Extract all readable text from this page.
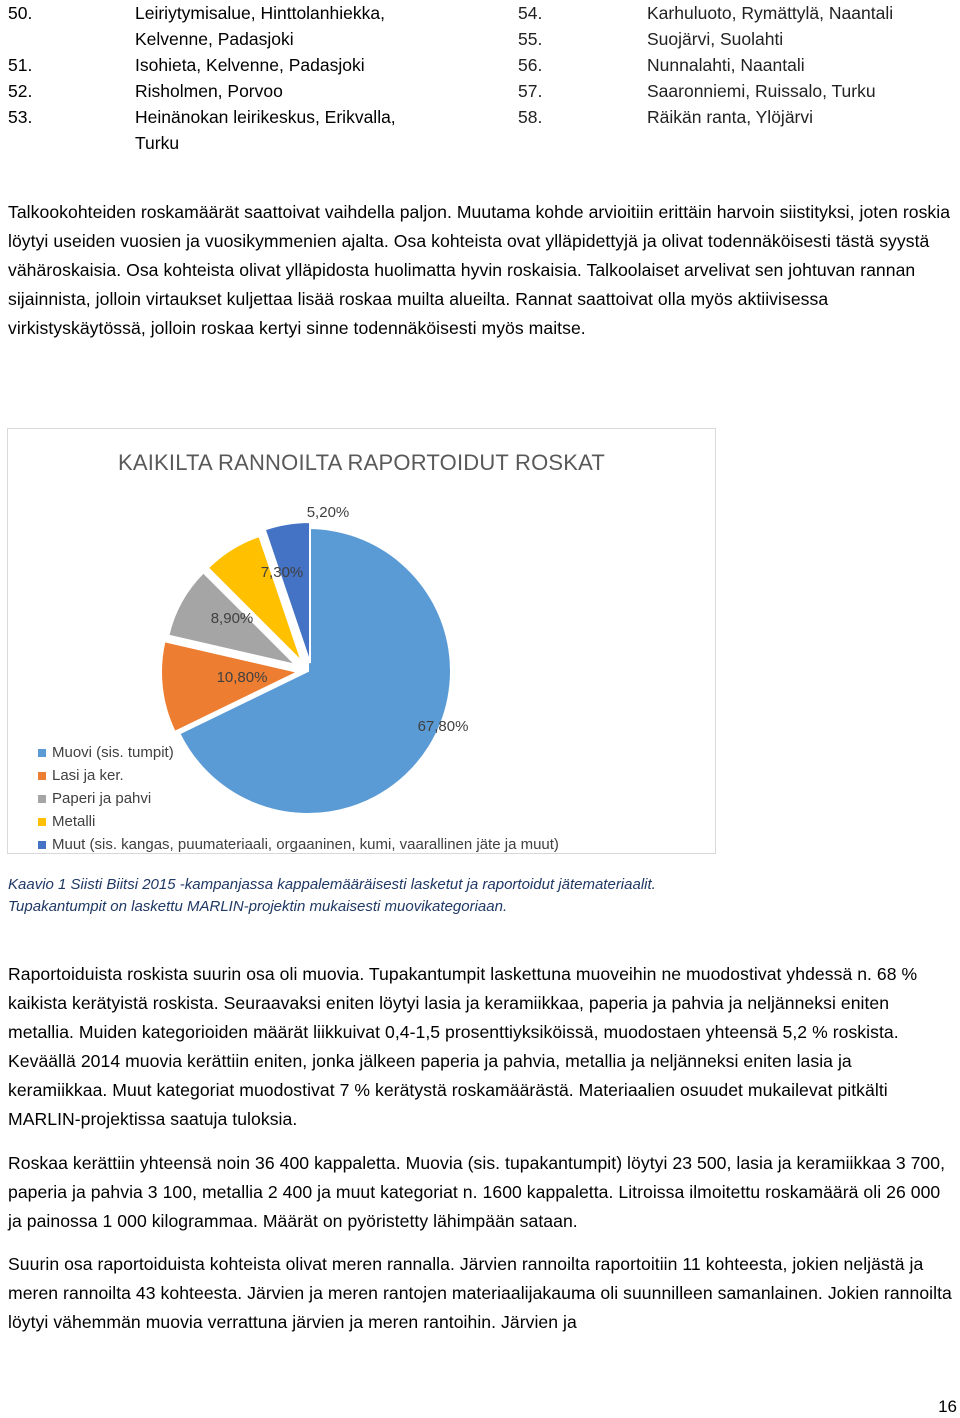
50.	Leiriytymisalue, Hinttolanhiekka, Kelvenne, Padasjoki
51.	Isohieta, Kelvenne, Padasjoki
52.	Risholmen, Porvoo
53.	Heinänokan leirikeskus, Erikvalla, Turku
54.	Karhuluoto, Rymättylä, Naantali
55.	Suojärvi, Suolahti
56.	Nunnalahti, Naantali
57.	Saaronniemi, Ruissalo, Turku
58.	Räikän ranta, Ylöjärvi

Talkookohteiden roskamäärät saattoivat vaihdella paljon. Muutama kohde arvioitiin erittäin harvoin siistityksi, joten roskia löytyi useiden vuosien ja vuosikymmenien ajalta. Osa kohteista ovat ylläpidettyjä ja olivat todennäköisesti tästä syystä vähäroskaisia. Osa kohteista olivat ylläpidosta huolimatta hyvin roskaisia. Talkoolaiset arvelivat sen johtuvan rannan sijainnista, jolloin virtaukset kuljettaa lisää roskaa muilta alueilta. Rannat saattoivat olla myös aktiivisessa virkistyskäytössä, jolloin roskaa kertyi sinne todennäköisesti myös maitse.

KAIKILTA RANNOILTA RAPORTOIDUT ROSKAT
67,80%
10,80%
8,90%
7,30%
5,20%
Muovi (sis. tumpit)
Lasi ja ker.
Paperi ja pahvi
Metalli
Muut (sis. kangas, puumateriaali, orgaaninen, kumi, vaarallinen jäte ja muut)
Kaavio 1 Siisti Biitsi 2015 -kampanjassa kappalemääräisesti lasketut ja raportoidut jätemateriaalit.
Tupakantumpit on laskettu MARLIN-projektin mukaisesti muovikategoriaan.

Raportoiduista roskista suurin osa oli muovia. Tupakantumpit laskettuna muoveihin ne muodostivat yhdessä n. 68 % kaikista kerätyistä roskista. Seuraavaksi eniten löytyi lasia ja keramiikkaa, paperia ja pahvia ja neljänneksi eniten metallia. Muiden kategorioiden määrät liikkuivat 0,4-1,5 prosenttiyksiköissä, muodostaen yhteensä 5,2 % roskista. Keväällä 2014 muovia kerättiin eniten, jonka jälkeen paperia ja pahvia, metallia ja neljänneksi eniten lasia ja keramiikkaa. Muut kategoriat muodostivat 7 % kerätystä roskamäärästä. Materiaalien osuudet mukailevat pitkälti MARLIN-projektissa saatuja tuloksia.

Roskaa kerättiin yhteensä noin 36 400 kappaletta. Muovia (sis. tupakantumpit) löytyi 23 500, lasia ja keramiikkaa 3 700, paperia ja pahvia 3 100, metallia 2 400 ja muut kategoriat n. 1600 kappaletta. Litroissa ilmoitettu roskamäärä oli 26 000 ja painossa 1 000 kilogrammaa. Määrät on pyöristetty lähimpään sataan.

Suurin osa raportoiduista kohteista olivat meren rannalla. Järvien rannoilta raportoitiin 11 kohteesta, jokien neljästä ja meren rannoilta 43 kohteesta. Järvien ja meren rantojen materiaalijakauma oli suunnilleen samanlainen. Jokien rannoilta löytyi vähemmän muovia verrattuna järvien ja meren rantoihin. Järvien ja

16
